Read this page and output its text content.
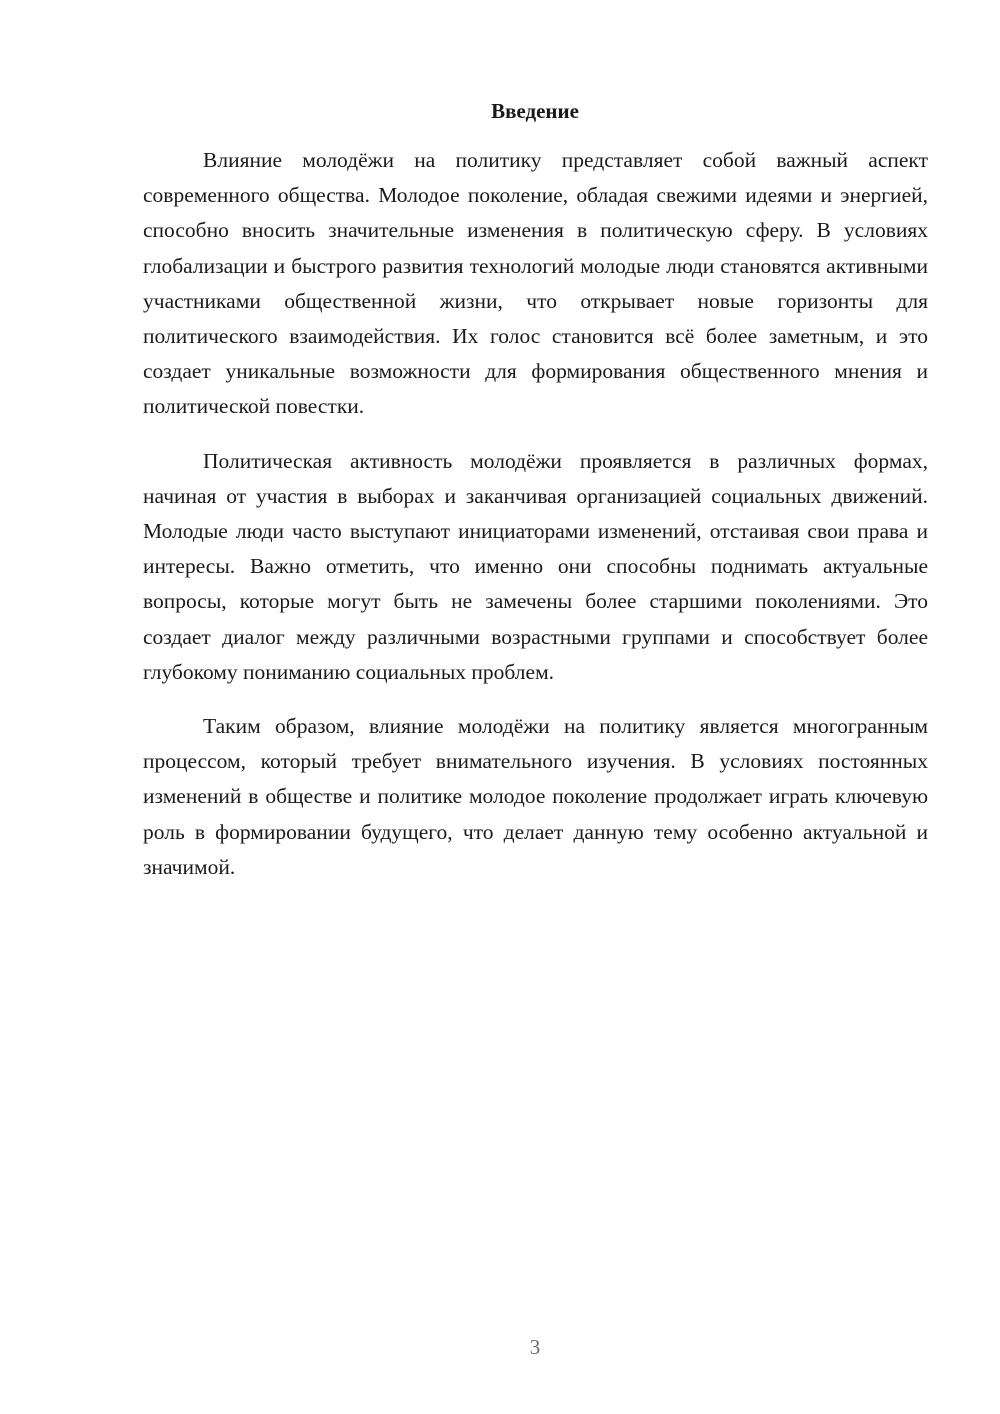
Введение

Влияние молодёжи на политику представляет собой важный аспект современного общества. Молодое поколение, обладая свежими идеями и энергией, способно вносить значительные изменения в политическую сферу. В условиях глобализации и быстрого развития технологий молодые люди становятся активными участниками общественной жизни, что открывает новые горизонты для политического взаимодействия. Их голос становится всё более заметным, и это создает уникальные возможности для формирования общественного мнения и политической повестки.

Политическая активность молодёжи проявляется в различных формах, начиная от участия в выборах и заканчивая организацией социальных движений. Молодые люди часто выступают инициаторами изменений, отстаивая свои права и интересы. Важно отметить, что именно они способны поднимать актуальные вопросы, которые могут быть не замечены более старшими поколениями. Это создает диалог между различными возрастными группами и способствует более глубокому пониманию социальных проблем.

Таким образом, влияние молодёжи на политику является многогранным процессом, который требует внимательного изучения. В условиях постоянных изменений в обществе и политике молодое поколение продолжает играть ключевую роль в формировании будущего, что делает данную тему особенно актуальной и значимой.

3
